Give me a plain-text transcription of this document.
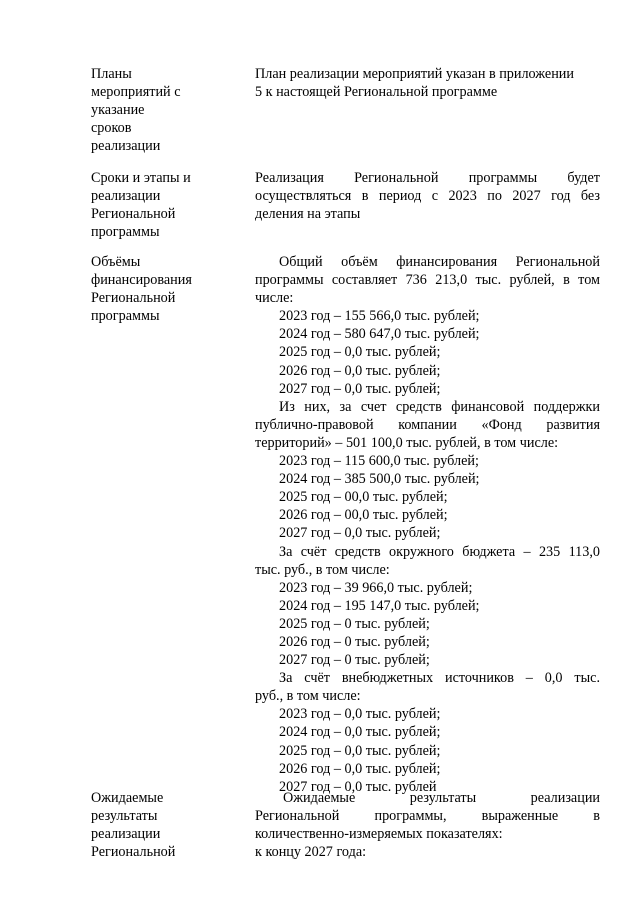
Планы
мероприятий с
указание
сроков
реализации
План реализации мероприятий указан в приложении
5 к настоящей Региональной программе
Сроки и этапы и
реализации
Региональной
программы
Реализация Региональной программы будет
осуществляться в период с 2023 по 2027 год без
деления на этапы
Объёмы
финансирования
Региональной
программы
Общий объём финансирования Региональной
программы составляет 736 213,0 тыс. рублей, в том
числе:
2023 год – 155 566,0 тыс. рублей;
2024 год – 580 647,0 тыс. рублей;
2025 год – 0,0 тыс. рублей;
2026 год – 0,0 тыс. рублей;
2027 год – 0,0 тыс. рублей;
Из них, за счет средств финансовой поддержки
публично-правовой компании «Фонд развития
территорий» – 501 100,0 тыс. рублей, в том числе:
2023 год – 115 600,0 тыс. рублей;
2024 год – 385 500,0 тыс. рублей;
2025 год – 00,0 тыс. рублей;
2026 год – 00,0 тыс. рублей;
2027 год – 0,0 тыс. рублей;
За счёт средств окружного бюджета – 235 113,0
тыс. руб., в том числе:
2023 год – 39 966,0 тыс. рублей;
2024 год – 195 147,0 тыс. рублей;
2025 год – 0 тыс. рублей;
2026 год – 0 тыс. рублей;
2027 год – 0 тыс. рублей;
За счёт внебюджетных источников – 0,0 тыс.
руб., в том числе:
2023 год – 0,0 тыс. рублей;
2024 год – 0,0 тыс. рублей;
2025 год – 0,0 тыс. рублей;
2026 год – 0,0 тыс. рублей;
2027 год – 0,0 тыс. рублей
Ожидаемые
результаты
реализации
Региональной
Ожидаемые результаты реализации
Региональной программы, выраженные в
количественно-измеряемых показателях:
к концу 2027 года:
